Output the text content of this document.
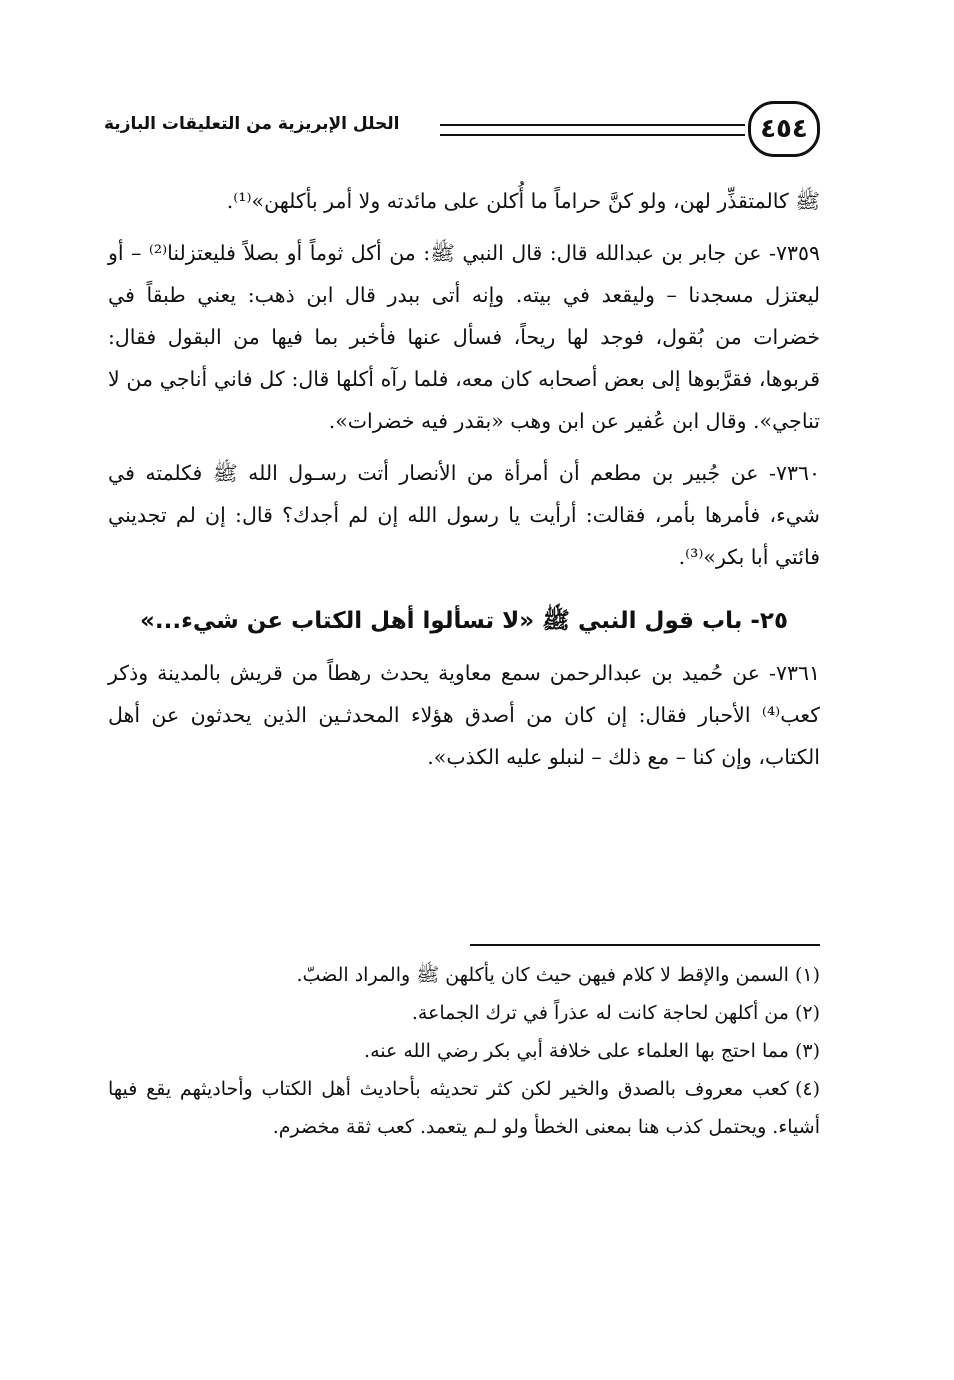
الحلل الإبريزية من التعليقات البازية	٤٥٤

ﷺ كالمتقذِّر لهن، ولو كنَّ حراماً ما أُكلن على مائدته ولا أمر بأكلهن»⁽¹⁾.

٧٣٥٩- عن جابر بن عبدالله قال: قال النبي ﷺ: من أكل ثوماً أو بصلاً فليعتزلنا⁽²⁾ – أو ليعتزل مسجدنا – وليقعد في بيته. وإنه أتى ببدر قال ابن ذهب: يعني طبقاً في خضرات من بُقول، فوجد لها ريحاً، فسأل عنها فأخبر بما فيها من البقول فقال: قربوها، فقرَّبوها إلى بعض أصحابه كان معه، فلما رآه أكلها قال: كل فاني أناجي من لا تناجي». وقال ابن عُفير عن ابن وهب «بقدر فيه خضرات».

٧٣٦٠- عن جُبير بن مطعم أن أمرأة من الأنصار أتت رسـول الله ﷺ فكلمته في شيء، فأمرها بأمر، فقالت: أرأيت يا رسول الله إن لم أجدك؟ قال: إن لم تجديني فائتي أبا بكر»⁽³⁾.

٢٥- باب قول النبي ﷺ «لا تسألوا أهل الكتاب عن شيء...»

٧٣٦١- عن حُميد بن عبدالرحمن سمع معاوية يحدث رهطاً من قريش بالمدينة وذكر كعب⁽⁴⁾ الأحبار فقال: إن كان من أصدق هؤلاء المحدثـين الذين يحدثون عن أهل الكتاب، وإن كنا – مع ذلك – لنبلو عليه الكذب».

(١)السمن والإقط لا كلام فيهن حيث كان يأكلهن ﷺ والمراد الضبّ.

(٢)من أكلهن لحاجة كانت له عذراً في ترك الجماعة.

(٣)مما احتج بها العلماء على خلافة أبي بكر رضي الله عنه.

(٤)كعب معروف بالصدق والخير لكن كثر تحديثه بأحاديث أهل الكتاب وأحاديثهم يقع فيها أشياء. ويحتمل كذب هنا بمعنى الخطأ ولو لـم يتعمد. كعب ثقة مخضرم.
